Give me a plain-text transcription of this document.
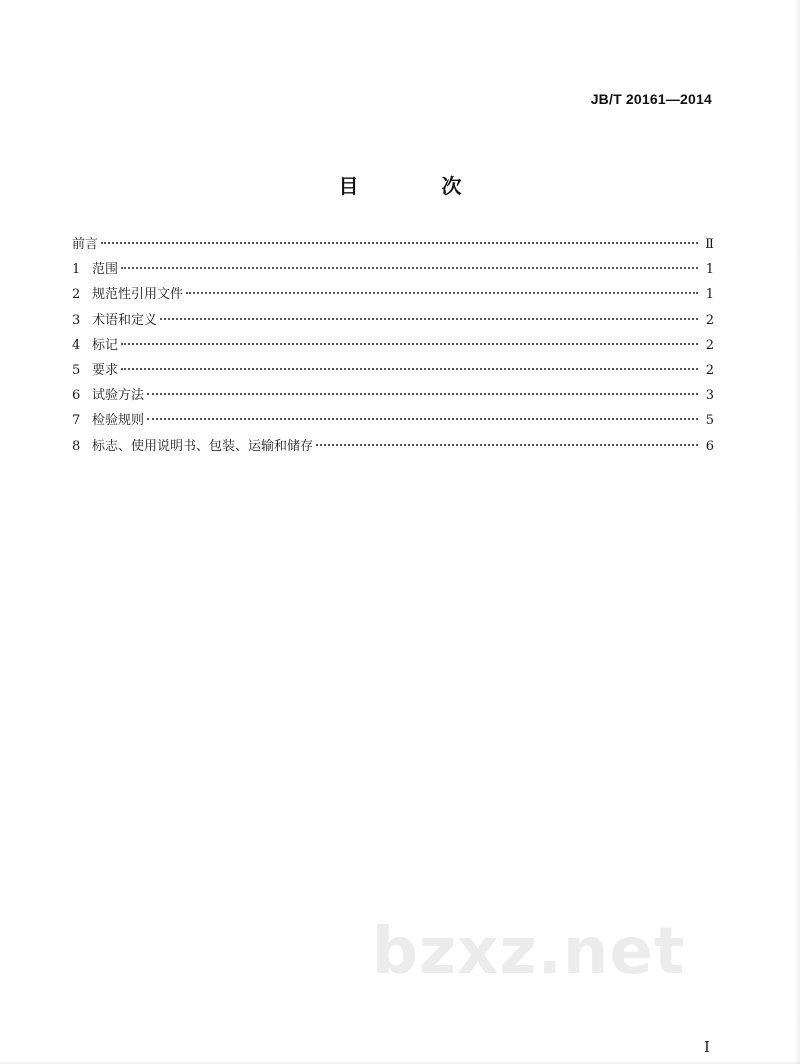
JB/T 20161—2014
目 次
前言	Ⅱ
1 范围	1
2 规范性引用文件	1
3 术语和定义	2
4 标记	2
5 要求	2
6 试验方法	3
7 检验规则	5
8 标志、使用说明书、包装、运输和储存	6
bzxz.net
I
